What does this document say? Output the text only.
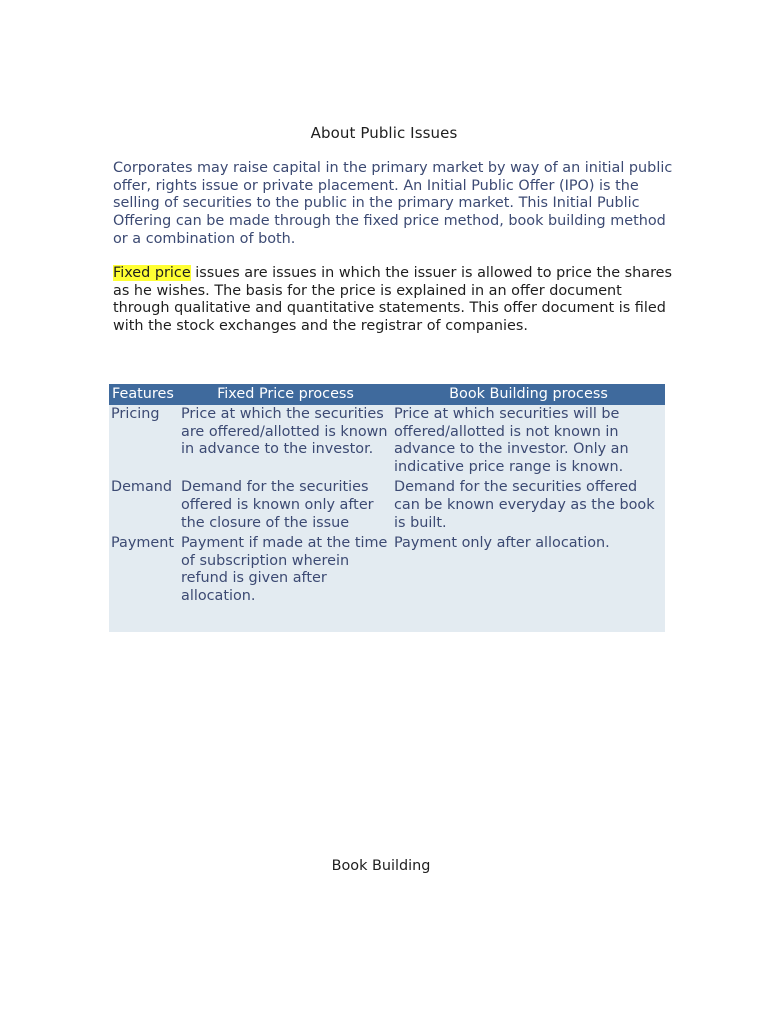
About Public Issues

Corporates may raise capital in the primary market by way of an initial public offer, rights issue or private placement. An Initial Public Offer (IPO) is the selling of securities to the public in the primary market. This Initial Public Offering can be made through the fixed price method, book building method or a combination of both.

Fixed price issues are issues in which the issuer is allowed to price the shares as he wishes. The basis for the price is explained in an offer document through qualitative and quantitative statements. This offer document is filed with the stock exchanges and the registrar of companies.

Features	Fixed Price process	Book Building process
Pricing	Price at which the securities are offered/allotted is known in advance to the investor.	Price at which securities will be offered/allotted is not known in advance to the investor. Only an indicative price range is known.
Demand	Demand for the securities offered is known only after the closure of the issue	Demand for the securities offered can be known everyday as the book is built.
Payment	Payment if made at the time of subscription wherein refund is given after allocation.	Payment only after allocation.
Book Building
